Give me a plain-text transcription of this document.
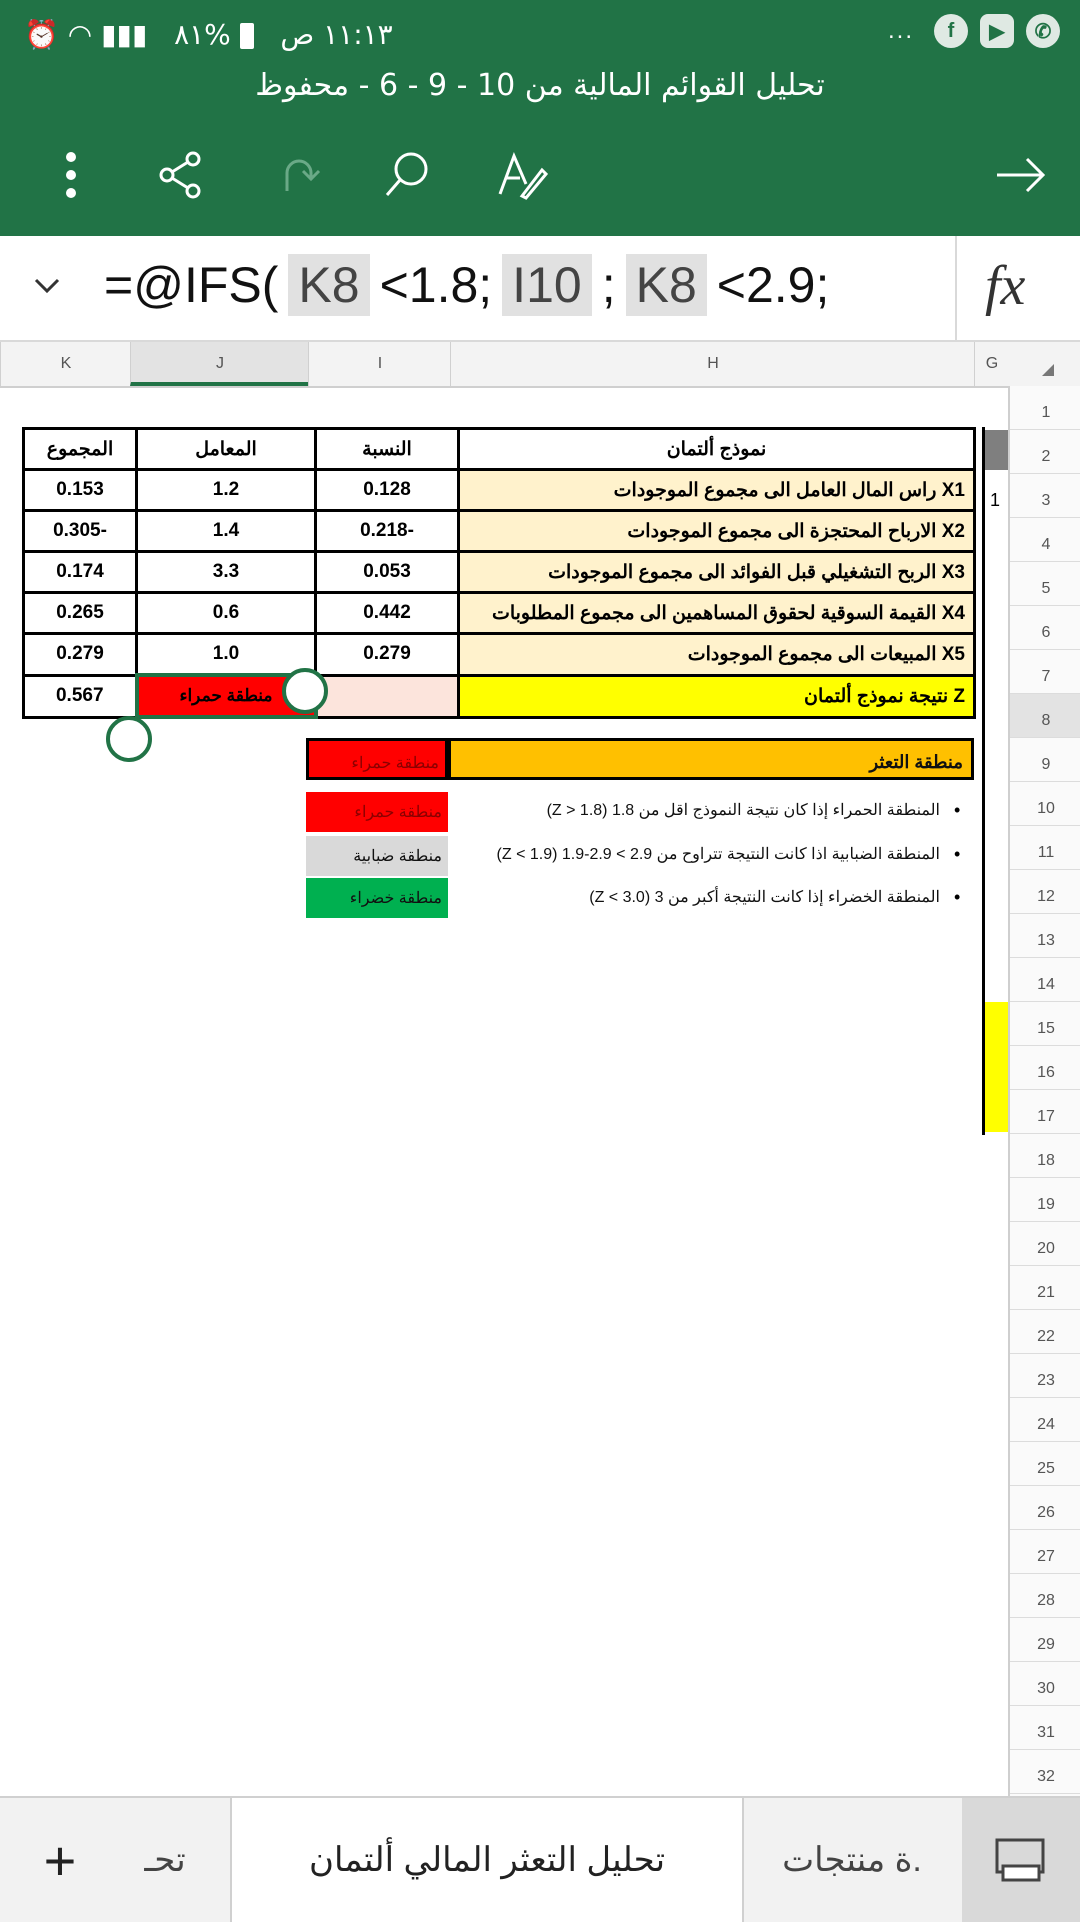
١١:١٣ ص    %٨١   ▮▮▮ ◠ ⏰	...	f	▶	✆
تحليل القوائم المالية من 10 - 9 - 6 - محفوظ
=@IFS( K8 <1.8; I10 ; K8 <2.9;	fx
K	J	I	H	G
1
2
3
4
5
6
7
8
9
10
11
12
13
14
15
16
17
18
19
20
21
22
23
24
25
26
27
28
29
30
31
32
المجموع	المعامل	النسبة	نموذج ألتمان
0.153	1.2	0.128	X1 راس المال العامل الى مجموع الموجودات
0.305-	1.4	0.218-	X2 الارباح المحتجزة الى مجموع الموجودات
0.174	3.3	0.053	X3 الربح التشغيلي قبل الفوائد الى مجموع الموجودات
0.265	0.6	0.442	X4 القيمة السوقية لحقوق المساهمين الى مجموع المطلوبات
0.279	1.0	0.279	X5 المبيعات الى مجموع الموجودات
0.567	منطقة حمراء		Z نتيجة نموذج ألتمان
منطقة حمراء	منطقة التعثر
منطقة حمراء
منطقة ضبابية
منطقة خضراء
المنطقة الحمراء إذا كان نتيجة النموذج اقل من 1.8 (Z > 1.8)
المنطقة الضبابية اذا كانت النتيجة تتراوح من 2.9 > 2.9-1.9 (Z < 1.9)
المنطقة الخضراء إذا كانت النتيجة أكبر من 3 (Z < 3.0)
•
•
•
1
+	تحـ	تحليل التعثر المالي ألتمان	.ة منتجات
